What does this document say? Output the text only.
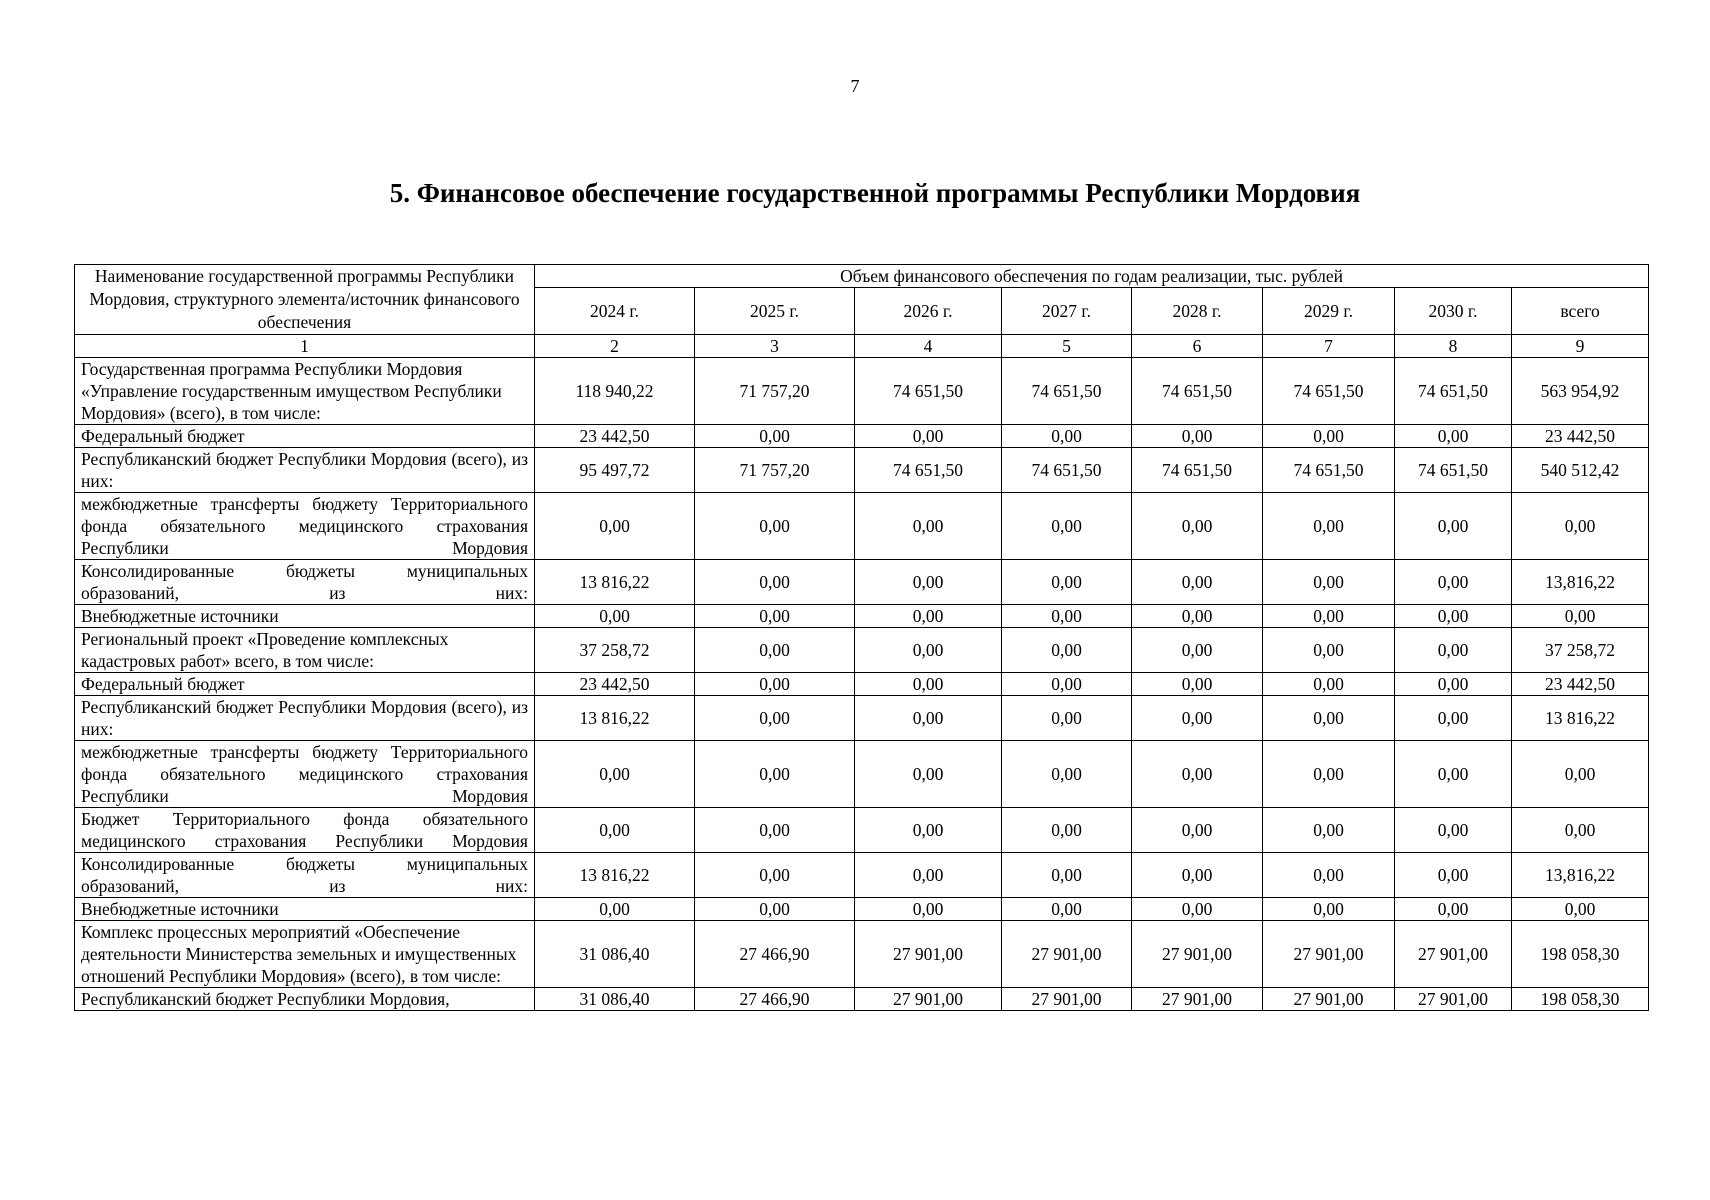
7
5. Финансовое обеспечение государственной программы Республики Мордовия
Наименование государственной программы Республики Мордовия, структурного элемента/источник финансового обеспечения	Объем финансового обеспечения по годам реализации, тыс. рублей							
	2024 г.	2025 г.	2026 г.	2027 г.	2028 г.	2029 г.	2030 г.	всего
1	2	3	4	5	6	7	8	9
Государственная программа Республики Мордовия «Управление государственным имуществом Республики Мордовия» (всего), в том числе:	118 940,22	71 757,20	74 651,50	74 651,50	74 651,50	74 651,50	74 651,50	563 954,92
Федеральный бюджет	23 442,50	0,00	0,00	0,00	0,00	0,00	0,00	23 442,50
Республиканский бюджет Республики Мордовия (всего), из них:	95 497,72	71 757,20	74 651,50	74 651,50	74 651,50	74 651,50	74 651,50	540 512,42
межбюджетные трансферты бюджету Территориального фонда обязательного медицинского страхования Республики Мордовия	0,00	0,00	0,00	0,00	0,00	0,00	0,00	0,00
Консолидированные бюджеты муниципальных образований, из них:	13 816,22	0,00	0,00	0,00	0,00	0,00	0,00	13,816,22
Внебюджетные источники	0,00	0,00	0,00	0,00	0,00	0,00	0,00	0,00
Региональный проект «Проведение комплексных кадастровых работ» всего, в том числе:	37 258,72	0,00	0,00	0,00	0,00	0,00	0,00	37 258,72
Федеральный бюджет	23 442,50	0,00	0,00	0,00	0,00	0,00	0,00	23 442,50
Республиканский бюджет Республики Мордовия (всего), из них:	13 816,22	0,00	0,00	0,00	0,00	0,00	0,00	13 816,22
межбюджетные трансферты бюджету Территориального фонда обязательного медицинского страхования Республики Мордовия	0,00	0,00	0,00	0,00	0,00	0,00	0,00	0,00
Бюджет Территориального фонда обязательного медицинского страхования Республики Мордовия	0,00	0,00	0,00	0,00	0,00	0,00	0,00	0,00
Консолидированные бюджеты муниципальных образований, из них:	13 816,22	0,00	0,00	0,00	0,00	0,00	0,00	13,816,22
Внебюджетные источники	0,00	0,00	0,00	0,00	0,00	0,00	0,00	0,00
Комплекс процессных мероприятий «Обеспечение деятельности Министерства земельных и имущественных отношений Республики Мордовия» (всего), в том числе:	31 086,40	27 466,90	27 901,00	27 901,00	27 901,00	27 901,00	27 901,00	198 058,30
Республиканский бюджет Республики Мордовия,	31 086,40	27 466,90	27 901,00	27 901,00	27 901,00	27 901,00	27 901,00	198 058,30
